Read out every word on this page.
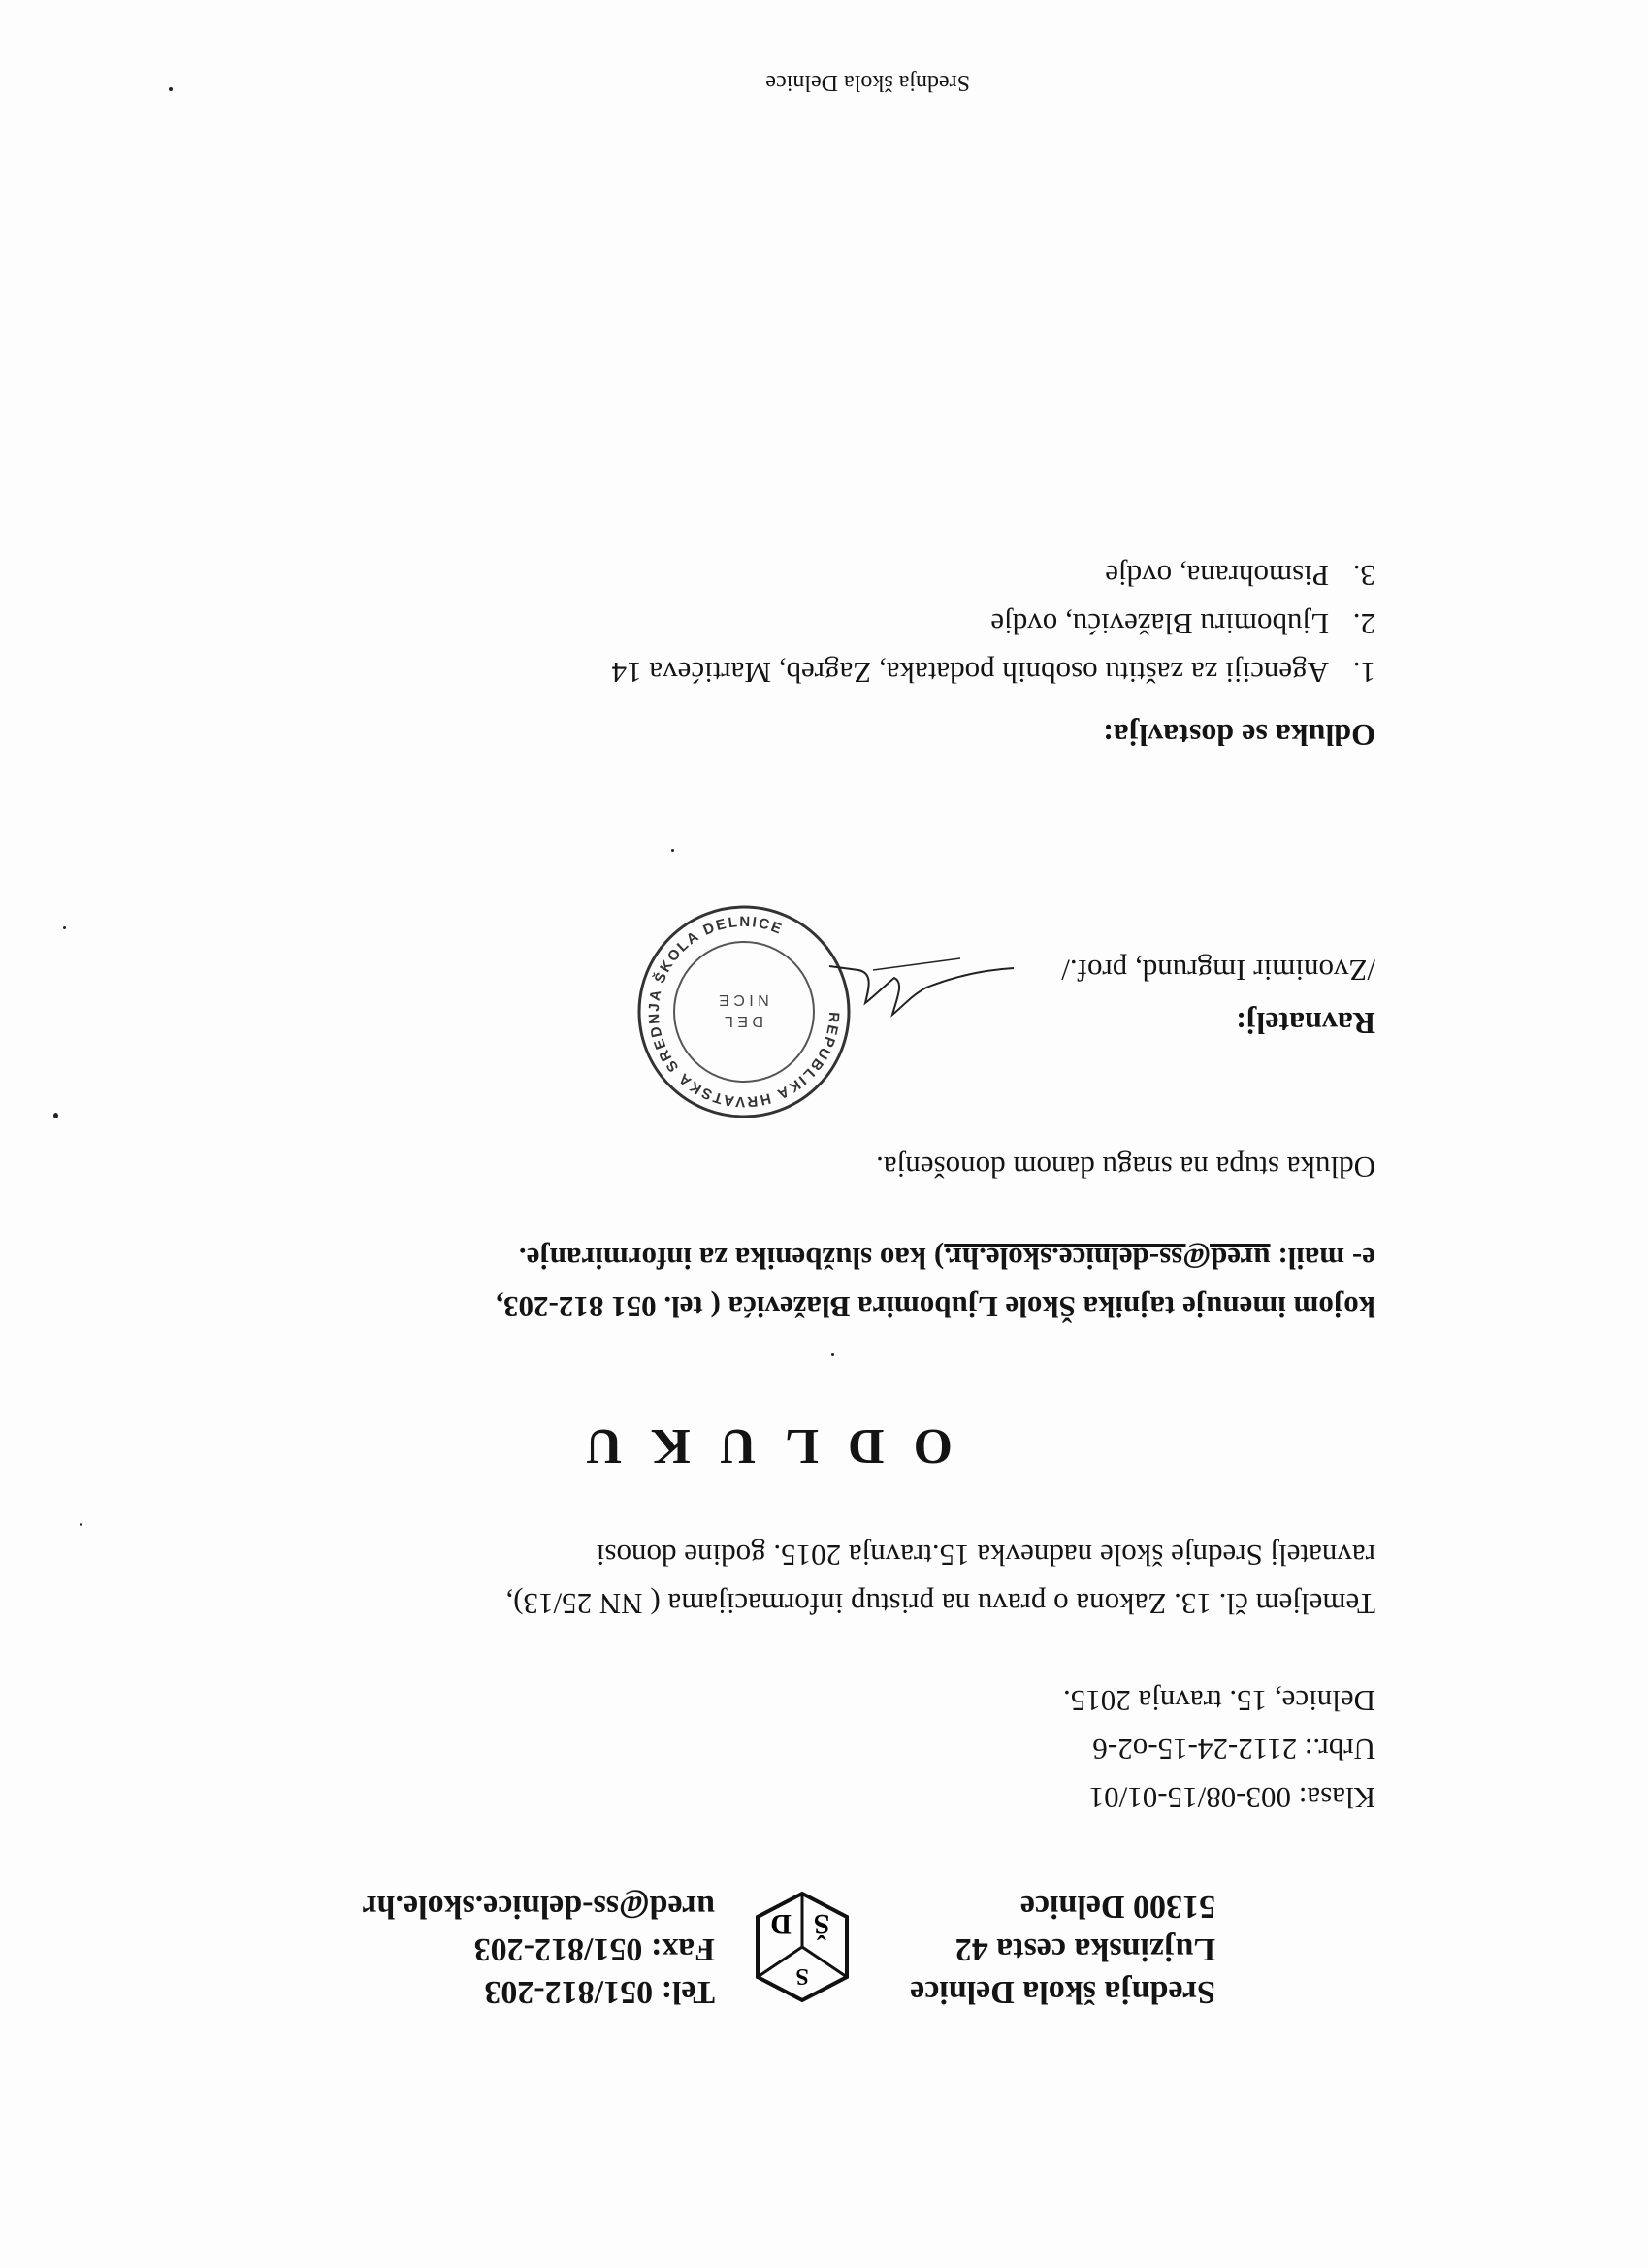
Srednja škola Delnice
Lujzinska cesta 42
51300 Delnice
S
Š
D
Tel: 051/812-203
Fax: 051/812-203
ured@ss-delnice.skole.hr
Klasa: 003-08/15-01/01
Urbr.: 2112-24-15-o2-6
Delnice, 15. travnja 2015.
Temeljem čl. 13. Zakona o pravu na pristup informacijama ( NN 25/13),
ravnatelj Srednje škole nadnevka 15.travnja 2015. godine donosi
ODLUKU
kojom imenuje tajnika Škole Ljubomira Blaževića ( tel. 051 812-203,
e- mail: ured@ss-delnice.skole.hr.) kao službenika za informiranje.
Odluka stupa na snagu danom donošenja.
REPUBLIKA HRVATSKA SREDNJA ŠKOLA DELNICE
D E L
N I C E
Ravnatelj:
/Zvonimir Imgrund, prof./
Odluka se dostavlja:
1.Agenciji za zaštitu osobnih podataka, Zagreb, Martićeva 14
2.Ljubomiru Blaževiću, ovdje
3.Pismohrana, ovdje
Srednja škola Delnice
